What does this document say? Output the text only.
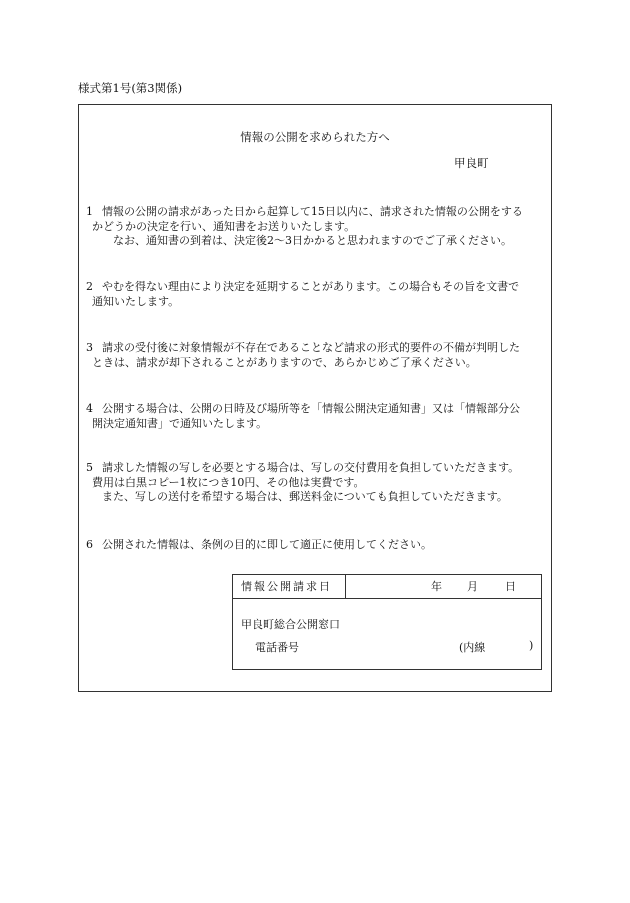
様式第1号(第3関係)
情報の公開を求められた方へ
甲良町
1 情報の公開の請求があった日から起算して15日以内に、請求された情報の公開をする
かどうかの決定を行い、通知書をお送りいたします。
なお、通知書の到着は、決定後2～3日かかると思われますのでご了承ください。
2 やむを得ない理由により決定を延期することがあります。この場合もその旨を文書で
通知いたします。
3 請求の受付後に対象情報が不存在であることなど請求の形式的要件の不備が判明した
ときは、請求が却下されることがありますので、あらかじめご了承ください。
4 公開する場合は、公開の日時及び場所等を「情報公開決定通知書」又は「情報部分公
開決定通知書」で通知いたします。
5 請求した情報の写しを必要とする場合は、写しの交付費用を負担していただきます。
費用は白黒コピー1枚につき10円、その他は実費です。
また、写しの送付を希望する場合は、郵送料金についても負担していただきます。
6 公開された情報は、条例の目的に即して適正に使用してください。
情報公開請求日	年 月 日
甲良町総合公開窓口
電話番号	(内線	)
